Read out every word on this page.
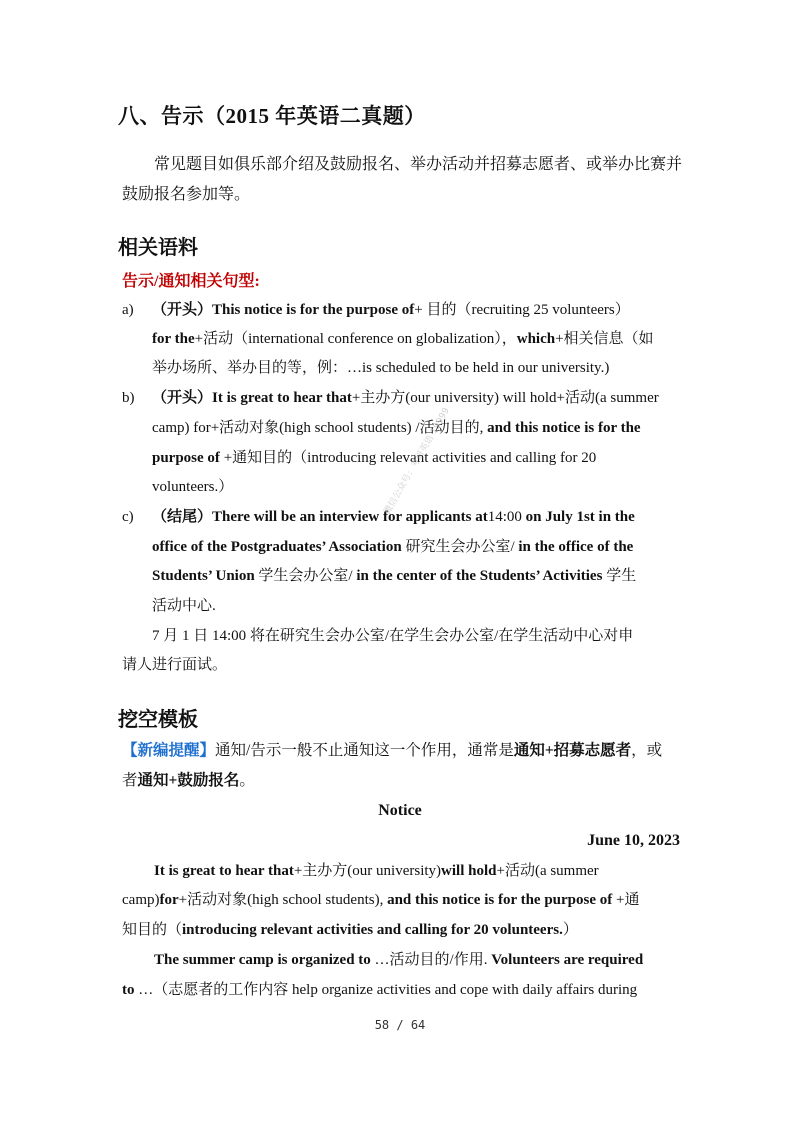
八、告示（2015 年英语二真题）
常见题目如俱乐部介绍及鼓励报名、举办活动并招募志愿者、或举办比赛并
鼓励报名参加等。
相关语料
告示/通知相关句型:
a) （开头）This notice is for the purpose of+ 目的（recruiting 25 volunteers）
for the+活动（international conference on globalization），which+相关信息（如
举办场所、举办目的等，例：…is scheduled to be held in our university.)
b) （开头）It is great to hear that+主办方(our university) will hold+活动(a summer
camp) for+活动对象(high school students) /活动目的, and this notice is for the
purpose of +通知目的（introducing relevant activities and calling for 20
volunteers.）
c) （结尾）There will be an interview for applicants at14:00 on July 1st in the
office of the Postgraduates’ Association 研究生会办公室/ in the office of the
Students’ Union 学生会办公室/ in the center of the Students’ Activities 学生
活动中心.
7 月 1 日 14:00 将在研究生会办公室/在学生会办公室/在学生活动中心对申
请人进行面试。
挖空模板
【新编提醒】通知/告示一般不止通知这一个作用，通常是通知+招募志愿者，或
者通知+鼓励报名。
Notice
June 10, 2023
It is great to hear that+主办方(our university)will hold+活动(a summer
camp)for+活动对象(high school students), and this notice is for the purpose of +通
知目的（introducing relevant activities and calling for 20 volunteers.）
The summer camp is organized to …活动目的/作用. Volunteers are required
to …（志愿者的工作内容 help organize activities and cope with daily affairs during
58 / 64
微信公众号：考研英语 19999
